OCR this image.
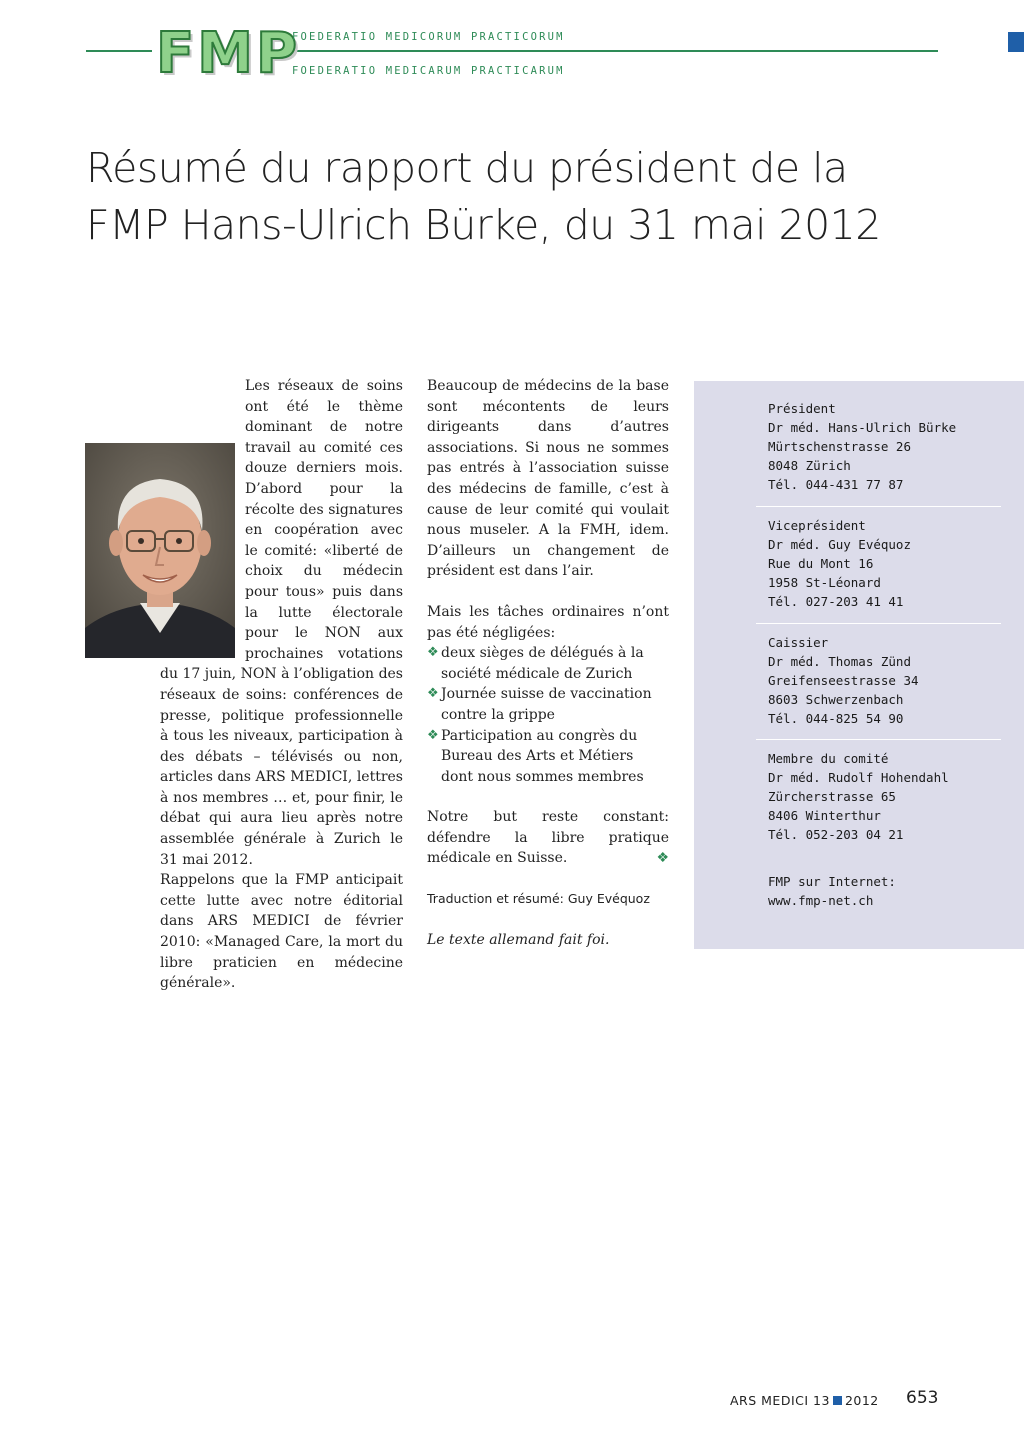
FMP
FOEDERATIO MEDICORUM PRACTICORUM
FOEDERATIO MEDICARUM PRACTICARUM
Résumé du rapport du président de la
FMP Hans-Ulrich Bürke, du 31 mai 2012

Les réseaux de soins ont été le thème dominant de notre travail au comité ces douze derniers mois. D’abord pour la récolte des signatures en coopération avec le comité: «liberté de choix du médecin pour tous» puis dans la lutte électorale pour le NON aux prochaines votations du 17 juin, NON à l’obligation des réseaux de soins: conférences de presse, politique professionnelle à tous les niveaux, participation à des débats – télévisés ou non, articles dans ARS MEDICI, lettres à nos membres … et, pour finir, le débat qui aura lieu après notre assemblée générale à Zurich le 31 mai 2012.

Rappelons que la FMP anticipait cette lutte avec notre éditorial dans ARS MEDICI de février 2010: «Managed Care, la mort du libre praticien en médecine générale».

Beaucoup de médecins de la base sont mécontents de leurs dirigeants dans d’autres associations. Si nous ne sommes pas entrés à l’association suisse des médecins de famille, c’est à cause de leur comité qui voulait nous museler. A la FMH, idem. D’ailleurs un changement de président est dans l’air.

Mais les tâches ordinaires n’ont pas été négligées:

❖ deux sièges de délégués à la société médicale de Zurich
❖ Journée suisse de vaccination contre la grippe
❖ Participation au congrès du Bureau des Arts et Métiers dont nous sommes membres

Notre but reste constant: défendre la libre pratique médicale en Suisse.	❖

Traduction et résumé: Guy Evéquoz

Le texte allemand fait foi.

Président
Dr méd. Hans-Ulrich Bürke
Mürtschenstrasse 26
8048 Zürich
Tél. 044-431 77 87
Viceprésident
Dr méd. Guy Evéquoz
Rue du Mont 16
1958 St-Léonard
Tél. 027-203 41 41
Caissier
Dr méd. Thomas Zünd
Greifenseestrasse 34
8603 Schwerzenbach
Tél. 044-825 54 90
Membre du comité
Dr méd. Rudolf Hohendahl
Zürcherstrasse 65
8406 Winterthur
Tél. 052-203 04 21
FMP sur Internet:
www.fmp-net.ch
ARS MEDICI 13 2012 653
